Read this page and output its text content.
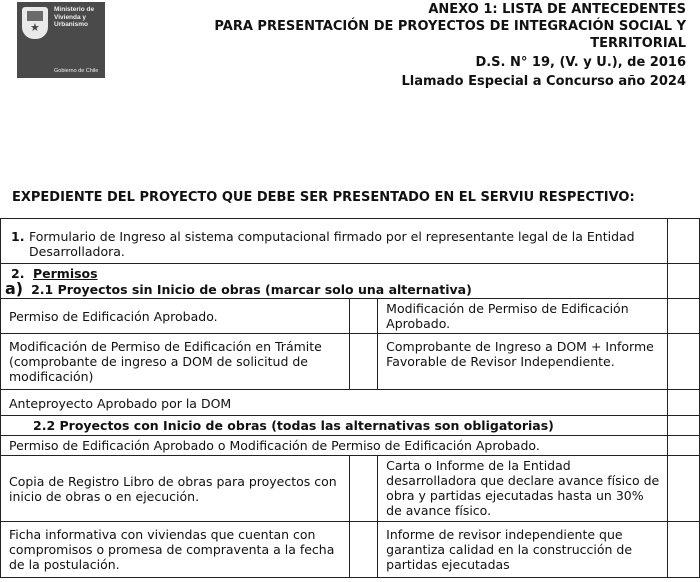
★
Ministerio de Vivienda y Urbanismo
Gobierno de Chile
ANEXO 1: LISTA DE ANTECEDENTES
PARA PRESENTACIÓN DE PROYECTOS DE INTEGRACIÓN SOCIAL Y
TERRITORIAL
D.S. N° 19, (V. y U.), de 2016
Llamado Especial a Concurso año 2024
EXPEDIENTE DEL PROYECTO QUE DEBE SER PRESENTADO EN EL SERVIU RESPECTIVO:
1. Formulario de Ingreso al sistema computacional firmado por el representante legal de la Entidad Desarrolladora.			

2. Permisos			
a) 2.1 Proyectos sin Inicio de obras (marcar solo una alternativa)			
Permiso de Edificación Aprobado.		Modificación de Permiso de Edificación Aprobado.	
Modificación de Permiso de Edificación en Trámite (comprobante de ingreso a DOM de solicitud de modificación)		Comprobante de Ingreso a DOM + Informe Favorable de Revisor Independiente.	
Anteproyecto Aprobado por la DOM			
2.2 Proyectos con Inicio de obras (todas las alternativas son obligatorias)			
Permiso de Edificación Aprobado o Modificación de Permiso de Edificación Aprobado.			
Copia de Registro Libro de obras para proyectos con inicio de obras o en ejecución.		Carta o Informe de la Entidad desarrolladora que declare avance físico de obra y partidas ejecutadas hasta un 30% de avance físico.	
Ficha informativa con viviendas que cuentan con compromisos o promesa de compraventa a la fecha de la postulación.		Informe de revisor independiente que garantiza calidad en la construcción de partidas ejecutadas	
